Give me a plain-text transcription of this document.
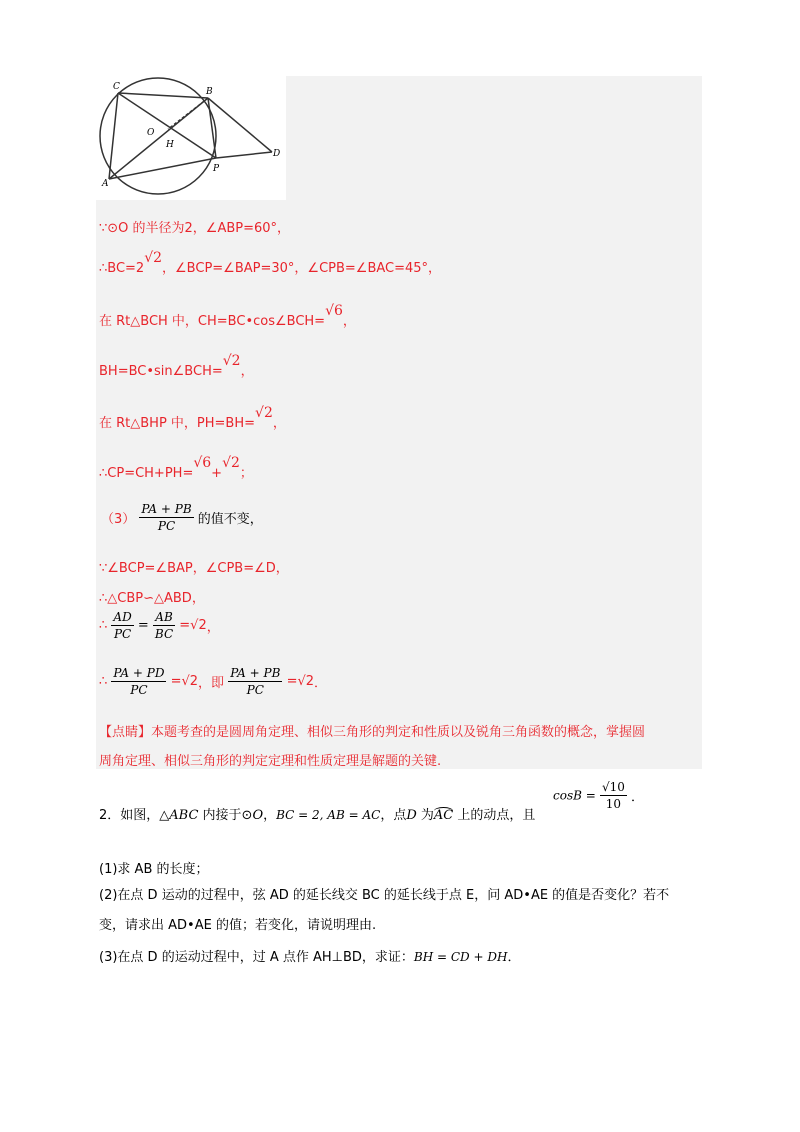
C	B
O
H
D
A
P
∵⊙O 的半径为2，∠ABP=60°，
∴BC=2√2，∠BCP=∠BAP=30°，∠CPB=∠BAC=45°，
在 Rt△BCH 中，CH=BC•cos∠BCH=√6，
BH=BC•sin∠BCH=√2，
在 Rt△BHP 中，PH=BH=√2，
∴CP=CH+PH=√6+√2；
$(3) \frac{PA + PB}{PC}$ 的值不变，
∵∠BCP=∠BAP，∠CPB=∠D，
∴△CBP∽△ABD，
∴ $\frac{AD}{PC} = \frac{AB}{BC} =√2$，
∴ $\frac{PA + PD}{PC} =√2$，即 $\frac{PA + PB}{PC} =√2$．
【点睛】本题考查的是圆周角定理、相似三角形的判定和性质以及锐角三角函数的概念，掌握圆
周角定理、相似三角形的判定定理和性质定理是解题的关键.
2．如图，△ABC 内接于⊙O，BC = 2, AB = AC，点D 为AC 上的动点，且
$\cos B = \frac{√10}{10}$ ．
(1)求 AB 的长度；
(2)在点 D 运动的过程中，弦 AD 的延长线交 BC 的延长线于点 E，问 AD•AE 的值是否变化？若不
变，请求出 AD•AE 的值；若变化，请说明理由.
(3)在点 D 的运动过程中，过 A 点作 AH⊥BD，求证：BH = CD + DH．
